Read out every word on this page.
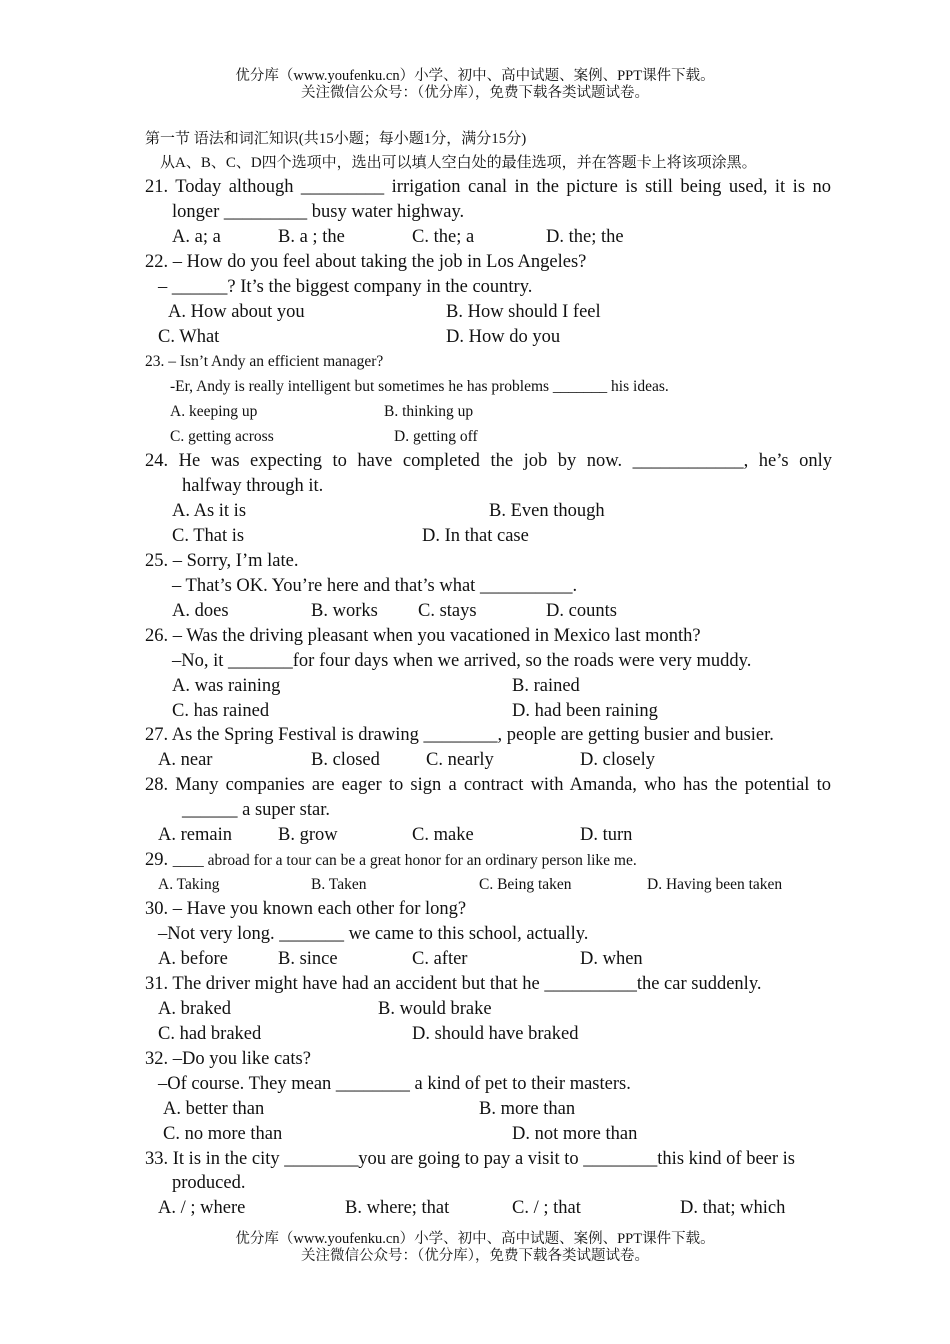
优分库（www.youfenku.cn）小学、初中、高中试题、案例、PPT课件下载。
关注微信公众号：（优分库），免费下载各类试题试卷。
第一节 语法和词汇知识(共15小题；每小题1分，满分15分)
从A、B、C、D四个选项中，选出可以填人空白处的最佳选项，并在答题卡上将该项涂黑。
21. Today although _________ irrigation canal in the picture is still being used, it is no
longer _________ busy water highway.
A. a; a	B. a ; the	C. the; a	D. the; the
22. – How do you feel about taking the job in Los Angeles?
– ______? It’s the biggest company in the country.
A. How about you	B. How should I feel
C. What	D. How do you
23. – Isn’t Andy an efficient manager?
-Er, Andy is really intelligent but sometimes he has problems _______ his ideas.
A. keeping up	B. thinking up
C. getting across	D. getting off
24. He was expecting to have completed the job by now. ____________, he’s only
halfway through it.
A. As it is	B. Even though
C. That is	D. In that case
25. – Sorry, I’m late.
– That’s OK. You’re here and that’s what __________.
A. does	B. works C. stays	D. counts
26. – Was the driving pleasant when you vacationed in Mexico last month?
–No, it _______for four days when we arrived, so the roads were very muddy.
A. was raining	B. rained
C. has rained	D. had been raining
27. As the Spring Festival is drawing ________, people are getting busier and busier.
A. near	B. closed C. nearly	D. closely
28. Many companies are eager to sign a contract with Amanda, who has the potential to
______ a super star.
A. remain B. grow	C. make	D. turn
29. ____ abroad for a tour can be a great honor for an ordinary person like me.
A. Taking	B. Taken	C. Being taken	D. Having been taken
30. – Have you known each other for long?
–Not very long. _______ we came to this school, actually.
A. before	B. since	C. after	D. when
31. The driver might have had an accident but that he __________the car suddenly.
A. braked	B. would brake
C. had braked	D. should have braked
32. –Do you like cats?
–Of course. They mean ________ a kind of pet to their masters.
A. better than	B. more than
C. no more than	D. not more than
33. It is in the city ________you are going to pay a visit to ________this kind of beer is
produced.
A. / ; where	B. where; that	C. / ; that	D. that; which
优分库（www.youfenku.cn）小学、初中、高中试题、案例、PPT课件下载。
关注微信公众号：（优分库），免费下载各类试题试卷。
